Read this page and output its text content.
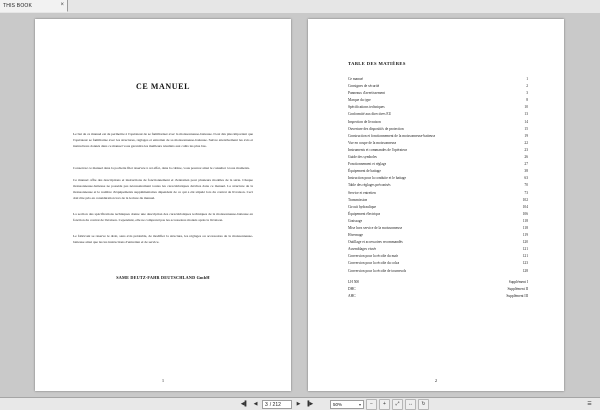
THIS BOOK	×
CE MANUEL
Le but de ce manuel est de permettre à l'opérateur de se familiariser avec la moissonneuse-batteuse. Il est dès plus important que l'opérateur se familiarise avec les structures, réglages et entretien de sa moissonneuse-batteuse. Suivre attentivement les avis et instructions donnés dans ce manuel vous garantira les meilleurs résultats aux coûts les plus bas.
Conservez ce manuel dans la pochette filet réservée à cet effet, dans la cabine, vous pourrez ainsi le consulter à tous moments.
Ce manuel offre des descriptions et instructions de fonctionnement et d'entretien pour plusieurs modèles de la série. Chaque moissonneuse-batteuse ne possède pas nécessairement toutes les caractéristiques décrites dans ce manuel. La structure de la moissonneuse et le nombre d'équipements supplémentaires dépendent de ce qui a été stipulé lors du contrat de livraison. Ceci doit être pris en considération lors de la lecture du manuel.
La section des spécifications techniques donne une description des caractéristiques techniques de la moissonneuse-batteuse en fonction du contrat de livraison. Cependant, elle ne comprend pas les accessoires montés après la livraison.
Le fabricant se réserve le droit, sans avis préalable, de modifier la structure, les réglages ou accessoires de la moissonneuse-batteuse ainsi que les les instructions d'entretien et de service.
SAME DEUTZ-FAHR DEUTSCHLAND GmbH
1
TABLE DES MATIÈRES
Ce manuel	1
Consignes de sécurité	2
Panneaux d'avertissement	3
Marque du type	8
Spécifications techniques	10
Conformité aux directives EU	13
Inspection de livraison	14
Ouverture des dispositifs de protection	15
Construction et fonctionnement de la moissonneuse-batteuse	19
Vue en coupe de la moissonneuse	22
Instruments et commandes de l'opérateur	23
Guide des symboles	26
Fonctionnement et réglage	27
Équipement de battage	38
Instruction pour la conduite et le battage	63
Table des réglages préconisés	70
Service et entretien	73
Transmission	102
Circuit hydraulique	104
Équipement électrique	106
Graissage	118
Mise hors service de la moissonneuse	118
Hivernage	119
Outillage et accessoires recommandés	120
Assemblages vissés	121
Conversion pour la récolte du maïs	121
Conversion pour la récolte du colza	123
Conversion pour la récolte de tournesols	128
LH 500	Supplément I
DHC	Supplément II
AHC	Supplément III
2
◀▌	◀	3 / 212	▶	▐▶	50%	▾	−	+	⤢	↔	↻	☰
